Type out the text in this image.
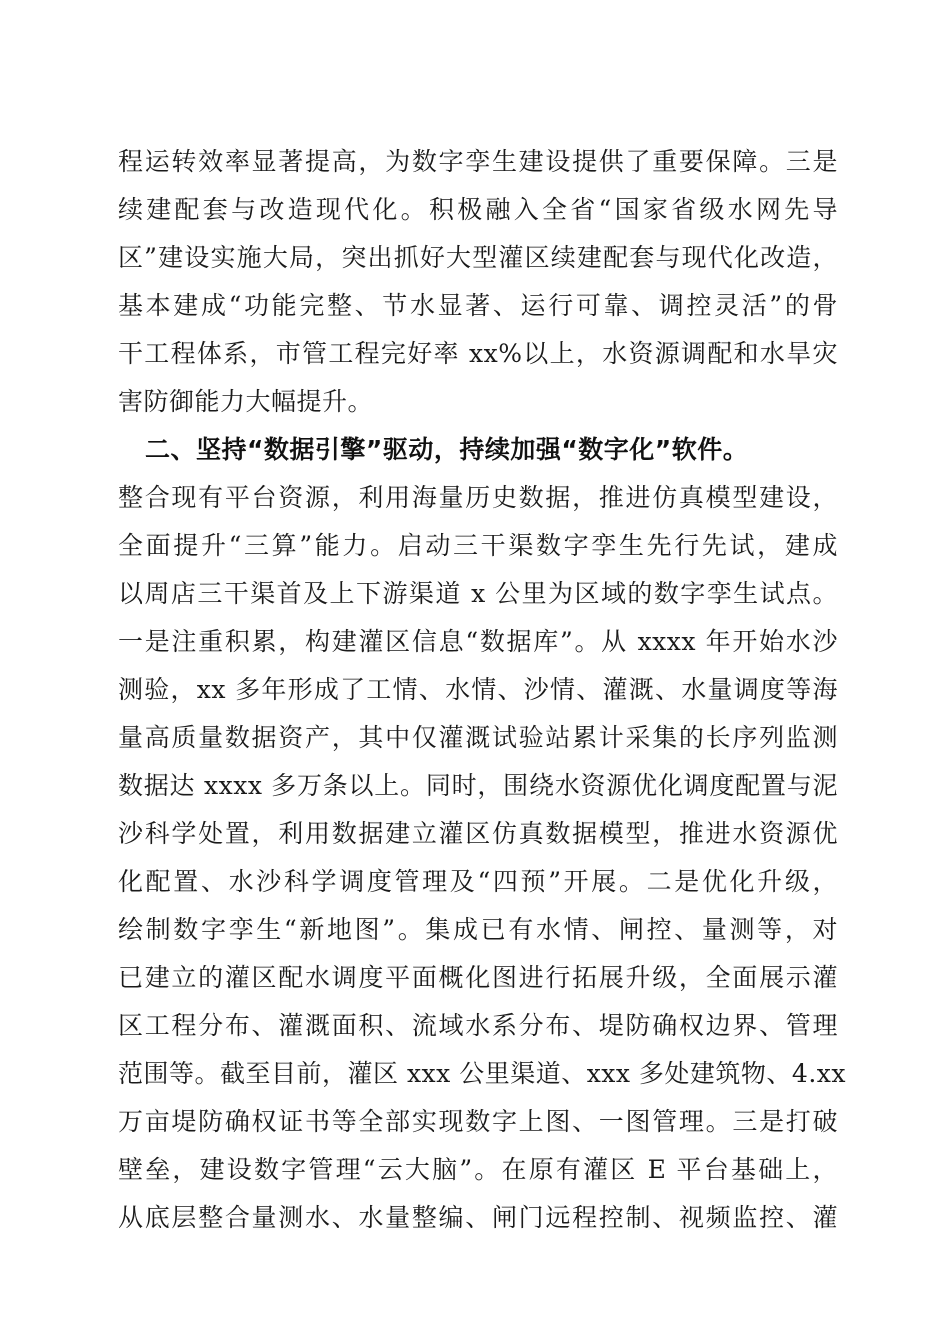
程运转效率显著提高，为数字孪生建设提供了重要保障。三是
续建配套与改造现代化。积极融入全省“国家省级水网先导
区”建设实施大局，突出抓好大型灌区续建配套与现代化改造，
基本建成“功能完整、节水显著、运行可靠、调控灵活”的骨
干工程体系，市管工程完好率 xx%以上，水资源调配和水旱灾
害防御能力大幅提升。
二、坚持“数据引擎”驱动，持续加强“数字化”软件。
整合现有平台资源，利用海量历史数据，推进仿真模型建设，
全面提升“三算”能力。启动三干渠数字孪生先行先试，建成
以周店三干渠首及上下游渠道 x 公里为区域的数字孪生试点。
一是注重积累，构建灌区信息“数据库”。从 xxxx 年开始水沙
测验，xx 多年形成了工情、水情、沙情、灌溉、水量调度等海
量高质量数据资产，其中仅灌溉试验站累计采集的长序列监测
数据达 xxxx 多万条以上。同时，围绕水资源优化调度配置与泥
沙科学处置，利用数据建立灌区仿真数据模型，推进水资源优
化配置、水沙科学调度管理及“四预”开展。二是优化升级，
绘制数字孪生“新地图”。集成已有水情、闸控、量测等，对
已建立的灌区配水调度平面概化图进行拓展升级，全面展示灌
区工程分布、灌溉面积、流域水系分布、堤防确权边界、管理
范围等。截至目前，灌区 xxx 公里渠道、xxx 多处建筑物、4.xx
万亩堤防确权证书等全部实现数字上图、一图管理。三是打破
壁垒，建设数字管理“云大脑”。在原有灌区 E 平台基础上，
从底层整合量测水、水量整编、闸门远程控制、视频监控、灌
